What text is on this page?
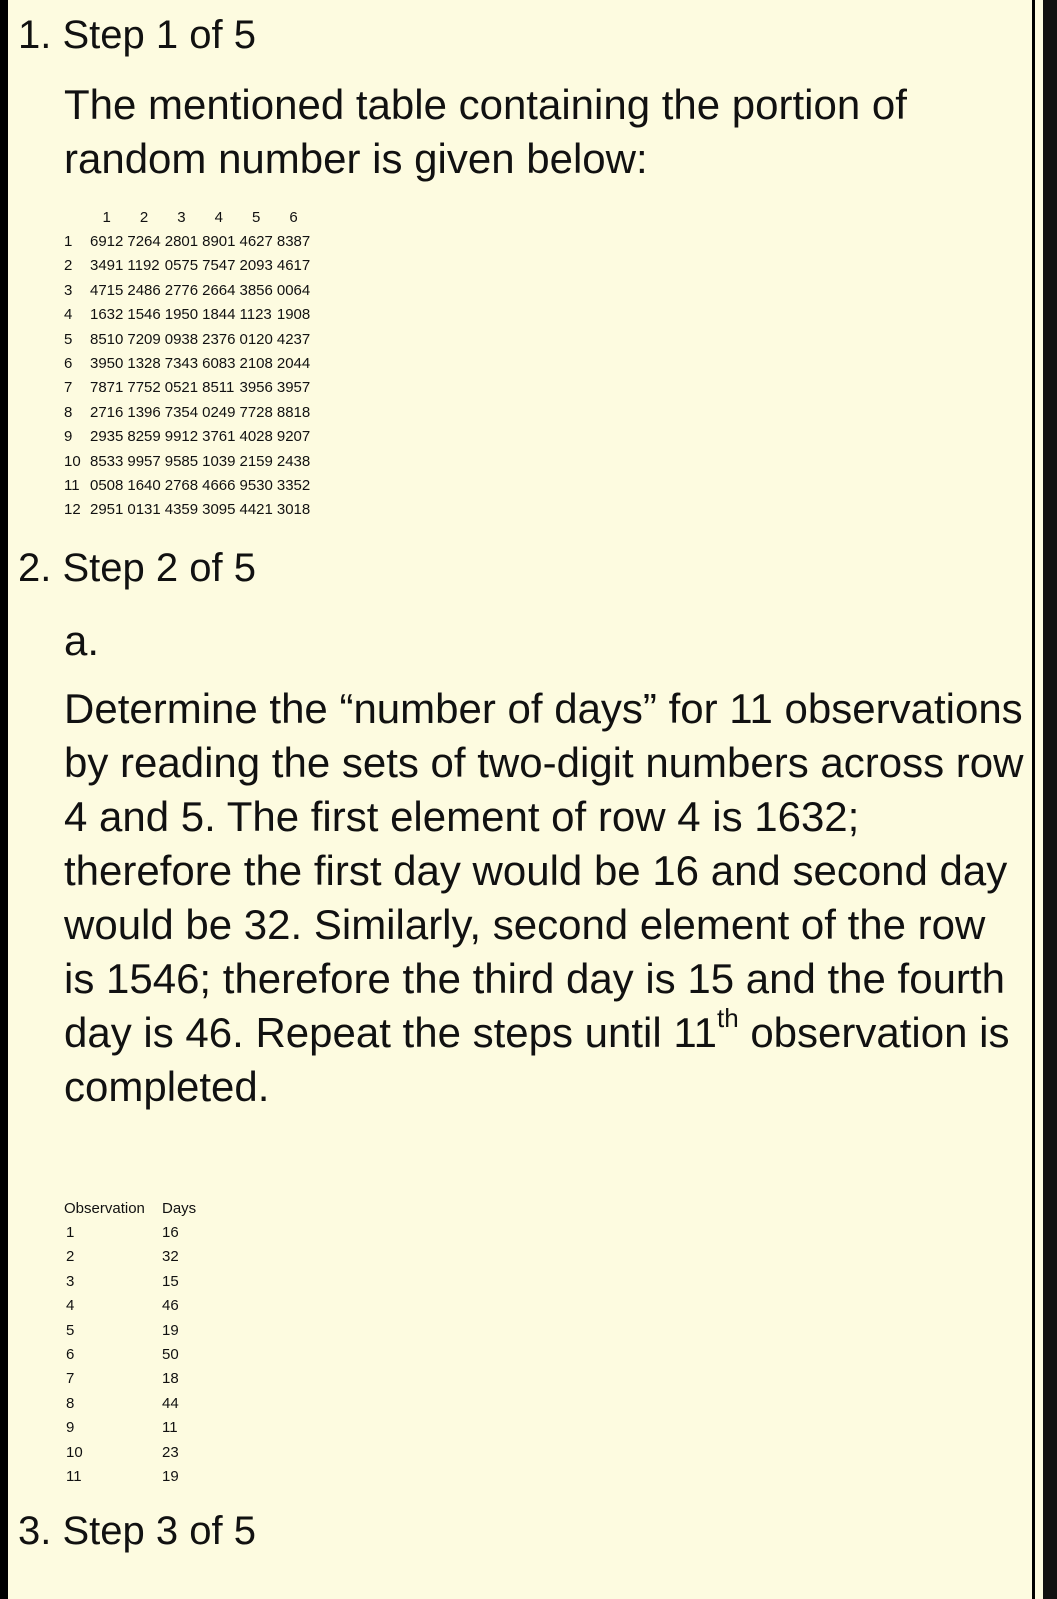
1. Step 1 of 5
The mentioned table containing the portion of random number is given below:
	1	2	3	4	5	6
1	6912	7264	2801	8901	4627	8387
2	3491	1192	0575	7547	2093	4617
3	4715	2486	2776	2664	3856	0064
4	1632	1546	1950	1844	1123	1908
5	8510	7209	0938	2376	0120	4237
6	3950	1328	7343	6083	2108	2044
7	7871	7752	0521	8511	3956	3957
8	2716	1396	7354	0249	7728	8818
9	2935	8259	9912	3761	4028	9207
10	8533	9957	9585	1039	2159	2438
11	0508	1640	2768	4666	9530	3352
12	2951	0131	4359	3095	4421	3018
2. Step 2 of 5
a.
Determine the “number of days” for 11 observations by reading the sets of two-digit numbers across row 4 and 5. The first element of row 4 is 1632; therefore the first day would be 16 and second day would be 32. Similarly, second element of the row is 1546; therefore the third day is 15 and the fourth day is 46. Repeat the steps until 11th observation is completed.
Observation	Days
1	16
2	32
3	15
4	46
5	19
6	50
7	18
8	44
9	11
10	23
11	19
3. Step 3 of 5
